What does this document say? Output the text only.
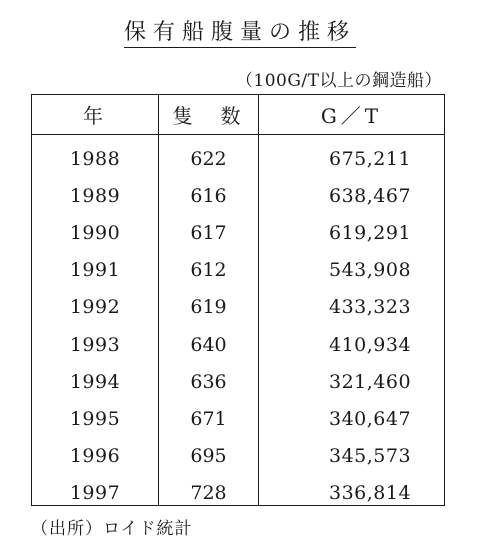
保有船腹量の推移
（100G/T以上の鋼造船）
年	隻　数	G／T
1988
1989
1990
1991
1992
1993
1994
1995
1996
1997
622
616
617
612
619
640
636
671
695
728
675,211
638,467
619,291
543,908
433,323
410,934
321,460
340,647
345,573
336,814
（出所）ロイド統計
